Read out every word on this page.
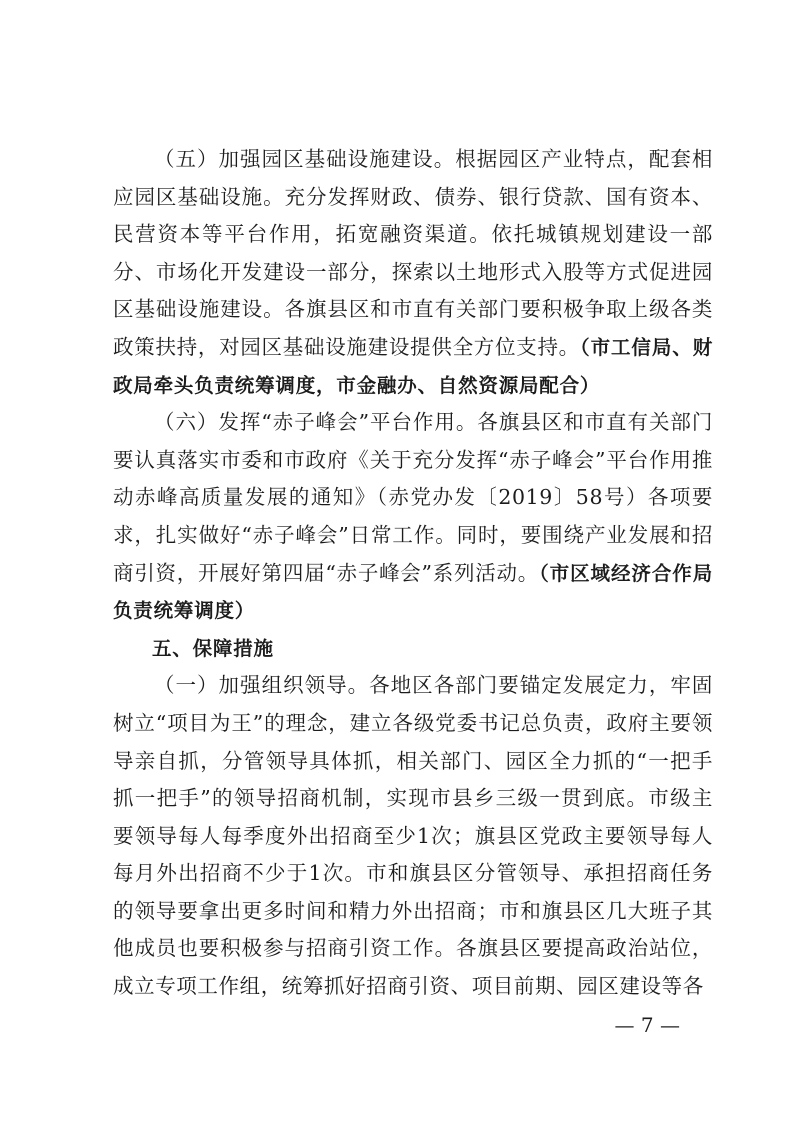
（五）加强园区基础设施建设。根据园区产业特点，配套相应园区基础设施。充分发挥财政、债券、银行贷款、国有资本、民营资本等平台作用，拓宽融资渠道。依托城镇规划建设一部分、市场化开发建设一部分，探索以土地形式入股等方式促进园区基础设施建设。各旗县区和市直有关部门要积极争取上级各类政策扶持，对园区基础设施建设提供全方位支持。（市工信局、财政局牵头负责统筹调度，市金融办、自然资源局配合）

（六）发挥“赤子峰会”平台作用。各旗县区和市直有关部门要认真落实市委和市政府《关于充分发挥“赤子峰会”平台作用推动赤峰高质量发展的通知》（赤党办发〔2019〕58号）各项要求，扎实做好“赤子峰会”日常工作。同时，要围绕产业发展和招商引资，开展好第四届“赤子峰会”系列活动。（市区域经济合作局负责统筹调度）

五、保障措施

（一）加强组织领导。各地区各部门要锚定发展定力，牢固树立“项目为王”的理念，建立各级党委书记总负责，政府主要领导亲自抓，分管领导具体抓，相关部门、园区全力抓的“一把手抓一把手”的领导招商机制，实现市县乡三级一贯到底。市级主要领导每人每季度外出招商至少1次；旗县区党政主要领导每人每月外出招商不少于1次。市和旗县区分管领导、承担招商任务的领导要拿出更多时间和精力外出招商；市和旗县区几大班子其他成员也要积极参与招商引资工作。各旗县区要提高政治站位，成立专项工作组，统筹抓好招商引资、项目前期、园区建设等各

— 7 —
